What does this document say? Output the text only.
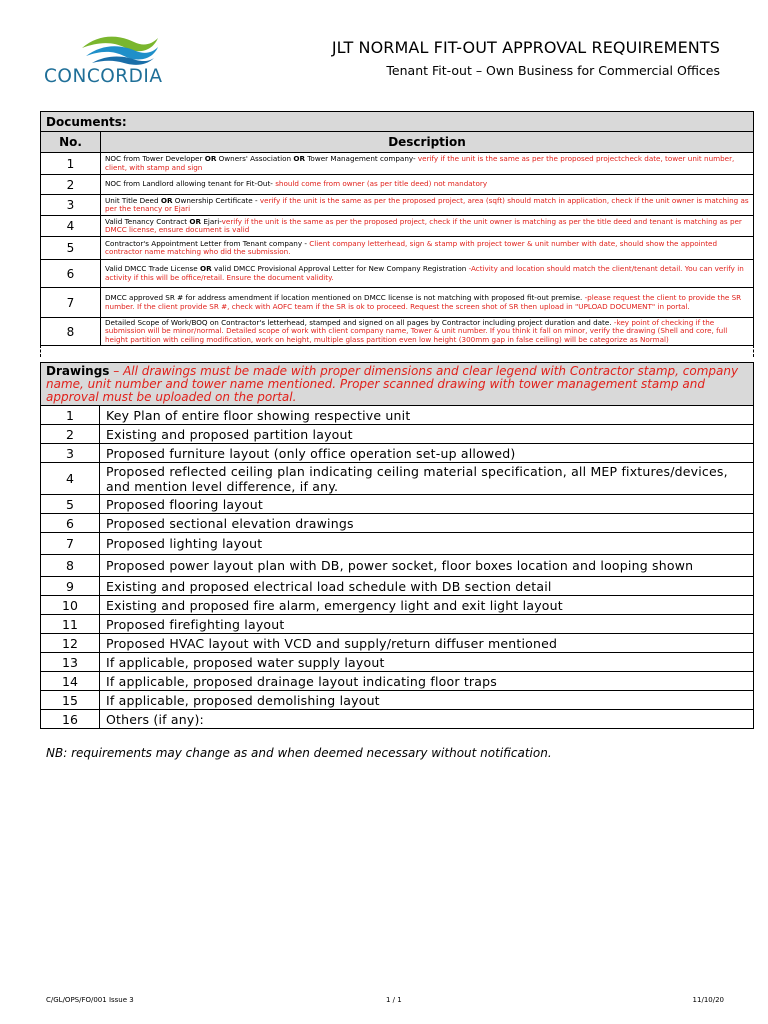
CONCORDIA
JLT NORMAL FIT-OUT APPROVAL REQUIREMENTS
Tenant Fit-out – Own Business for Commercial Offices
Documents:	
No.	Description
1	NOC from Tower Developer OR Owners' Association OR Tower Management company- verify if the unit is the same as per the proposed projectcheck date, tower unit number, client, with stamp and sign
2	NOC from Landlord allowing tenant for Fit-Out- should come from owner (as per title deed) not mandatory
3	Unit Title Deed OR Ownership Certificate - verify if the unit is the same as per the proposed project, area (sqft) should match in application, check if the unit owner is matching as per the tenancy or Ejari
4	Valid Tenancy Contract OR Ejari-verify if the unit is the same as per the proposed project, check if the unit owner is matching as per the title deed and tenant is matching as per DMCC license, ensure document is valid
5	Contractor's Appointment Letter from Tenant company - Client company letterhead, sign & stamp with project tower & unit number with date, should show the appointed contractor name matching who did the submission.
6	Valid DMCC Trade License OR valid DMCC Provisional Approval Letter for New Company Registration -Activity and location should match the client/tenant detail. You can verify in activity if this will be office/retail. Ensure the document validity.
7	DMCC approved SR # for address amendment if location mentioned on DMCC license is not matching with proposed fit-out premise. -please request the client to provide the SR number. If the client provide SR #, check with AOFC team if the SR is ok to proceed. Request the screen shot of SR then upload in "UPLOAD DOCUMENT" in portal.
8	Detailed Scope of Work/BOQ on Contractor's letterhead, stamped and signed on all pages by Contractor including project duration and date. -key point of checking if the submission will be minor/normal. Detailed scope of work with client company name, Tower & unit number. If you think it fall on minor, verify the drawing (Shell and core, full height partition with ceiling modification, work on height, multiple glass partition even low height (300mm gap in false ceiling) will be categorize as Normal)
Drawings – All drawings must be made with proper dimensions and clear legend with Contractor stamp, company name, unit number and tower name mentioned. Proper scanned drawing with tower management stamp and approval must be uploaded on the portal.	
1	Key Plan of entire floor showing respective unit
2	Existing and proposed partition layout
3	Proposed furniture layout (only office operation set-up allowed)
4	Proposed reflected ceiling plan indicating ceiling material specification, all MEP fixtures/devices, and mention level difference, if any.
5	Proposed flooring layout
6	Proposed sectional elevation drawings
7	Proposed lighting layout
8	Proposed power layout plan with DB, power socket, floor boxes location and looping shown
9	Existing and proposed electrical load schedule with DB section detail
10	Existing and proposed fire alarm, emergency light and exit light layout
11	Proposed firefighting layout
12	Proposed HVAC layout with VCD and supply/return diffuser mentioned
13	If applicable, proposed water supply layout
14	If applicable, proposed drainage layout indicating floor traps
15	If applicable, proposed demolishing layout
16	Others (if any):
NB: requirements may change as and when deemed necessary without notification.
C/GL/OPS/FO/001 Issue 3	1 / 1	11/10/20
